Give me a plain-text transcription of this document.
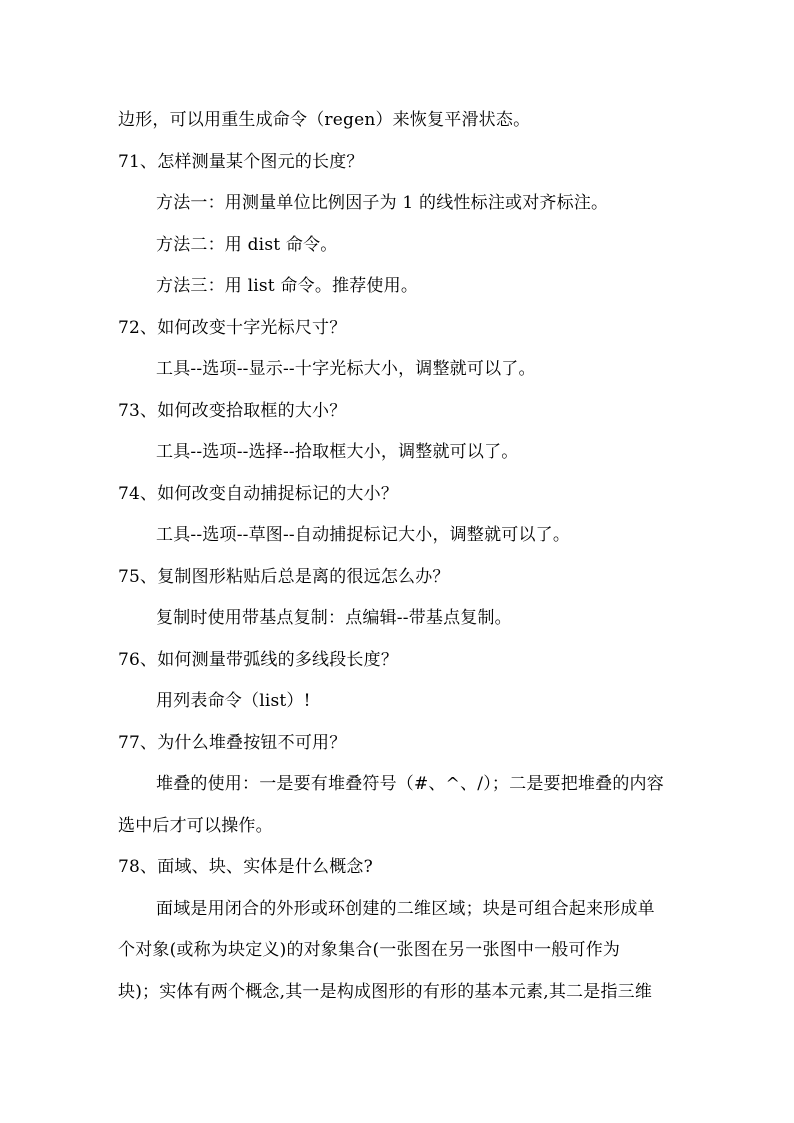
边形，可以用重生成命令（regen）来恢复平滑状态。
71、怎样测量某个图元的长度？
方法一：用测量单位比例因子为 1 的线性标注或对齐标注。
方法二：用 dist 命令。
方法三：用 list 命令。推荐使用。
72、如何改变十字光标尺寸？
工具--选项--显示--十字光标大小，调整就可以了。
73、如何改变拾取框的大小？
工具--选项--选择--拾取框大小，调整就可以了。
74、如何改变自动捕捉标记的大小？
工具--选项--草图--自动捕捉标记大小，调整就可以了。
75、复制图形粘贴后总是离的很远怎么办？
复制时使用带基点复制：点编辑--带基点复制。
76、如何测量带弧线的多线段长度？
用列表命令（list）!
77、为什么堆叠按钮不可用？
堆叠的使用：一是要有堆叠符号（#、^、/）；二是要把堆叠的内容
选中后才可以操作。
78、面域、块、实体是什么概念?
面域是用闭合的外形或环创建的二维区域；块是可组合起来形成单
个对象(或称为块定义)的对象集合(一张图在另一张图中一般可作为
块)；实体有两个概念,其一是构成图形的有形的基本元素,其二是指三维
